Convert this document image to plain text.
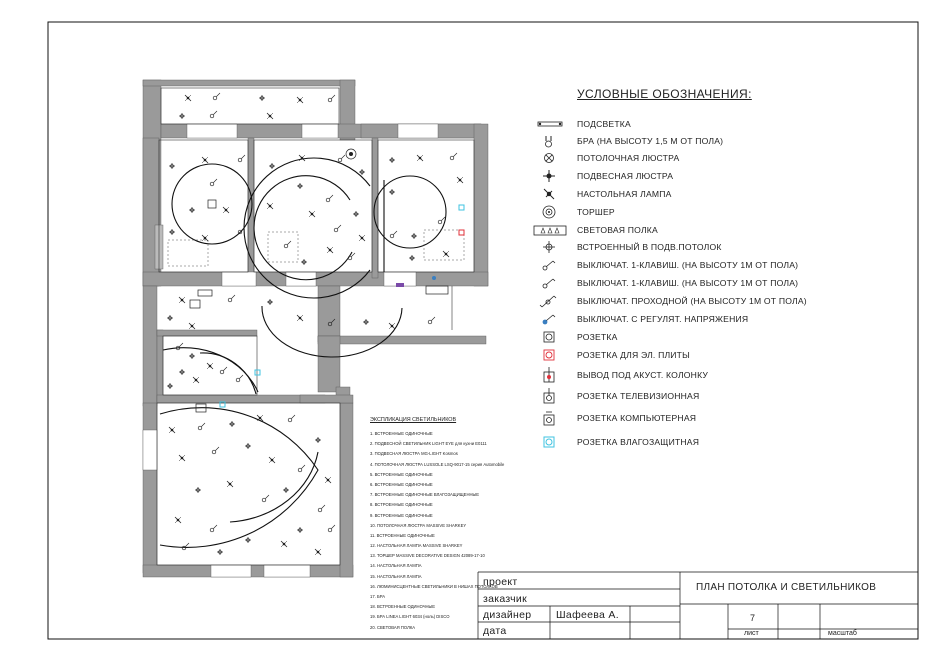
УСЛОВНЫЕ ОБОЗНАЧЕНИЯ:
ПОДСВЕТКА
БРА (НА ВЫСОТУ 1,5 М ОТ ПОЛА)
ПОТОЛОЧНАЯ ЛЮСТРА
ПОДВЕСНАЯ ЛЮСТРА
НАСТОЛЬНАЯ ЛАМПА
ТОРШЕР
СВЕТОВАЯ ПОЛКА
ВСТРОЕННЫЙ В ПОДВ.ПОТОЛОК
ВЫКЛЮЧАТ. 1-КЛАВИШ. (НА ВЫСОТУ 1М ОТ ПОЛА)
ВЫКЛЮЧАТ. 1-КЛАВИШ. (НА ВЫСОТУ 1М ОТ ПОЛА)
ВЫКЛЮЧАТ. ПРОХОДНОЙ (НА ВЫСОТУ 1М ОТ ПОЛА)
ВЫКЛЮЧАТ. С РЕГУЛЯТ. НАПРЯЖЕНИЯ
РОЗЕТКА
РОЗЕТКА ДЛЯ ЭЛ. ПЛИТЫ
ВЫВОД ПОД АКУСТ. КОЛОНКУ
РОЗЕТКА ТЕЛЕВИЗИОННАЯ
РОЗЕТКА КОМПЬЮТЕРНАЯ
РОЗЕТКА ВЛАГОЗАЩИТНАЯ
ЭКСПЛИКАЦИЯ СВЕТИЛЬНИКОВ
1. ВСТРОЕННЫЕ ОДИНОЧНЫЕ
2. ПОДВЕСНОЙ СВЕТИЛЬНИК LIGHT EYE для кухни E0111
3. ПОДВЕСНАЯ ЛЮСТРА MG-LIGHT Kosmos
4. ПОТОЛОЧНАЯ ЛЮСТРА LUSSOLE LSQ-9017-15 серия Automobile
5. ВСТРОЕННЫЕ ОДИНОЧНЫЕ
6. ВСТРОЕННЫЕ ОДИНОЧНЫЕ
7. ВСТРОЕННЫЕ ОДИНОЧНЫЕ ВЛАГОЗАЩИЩЕННЫЕ
8. ВСТРОЕННЫЕ ОДИНОЧНЫЕ
9. ВСТРОЕННЫЕ ОДИНОЧНЫЕ
10. ПОТОЛОЧНАЯ ЛЮСТРА MASSIVE SHARKEY
11. ВСТРОЕННЫЕ ОДИНОЧНЫЕ
12. НАСТОЛЬНАЯ ЛАМПА MASSIVE SHARKEY
13. ТОРШЕР MASSIVE DECORATIVE DESIGN 42089-17-10
14. НАСТОЛЬНАЯ ЛАМПА
15. НАСТОЛЬНАЯ ЛАМПА
16. ЛЮМИНИСЦЕНТНЫЕ СВЕТИЛЬНИКИ В НИШАХ ПОТОЛКОВ
17. БРА
18. ВСТРОЕННЫЕ ОДИНОЧНЫЕ
19. БРА LINEA LIGHT 6034 (ноль) DISCO
20. СВЕТОВАЯ ПОЛКА
проект
заказчик
дизайнер
дата
Шафеева А.
ПЛАН ПОТОЛКА И СВЕТИЛЬНИКОВ
7
лист	масштаб
